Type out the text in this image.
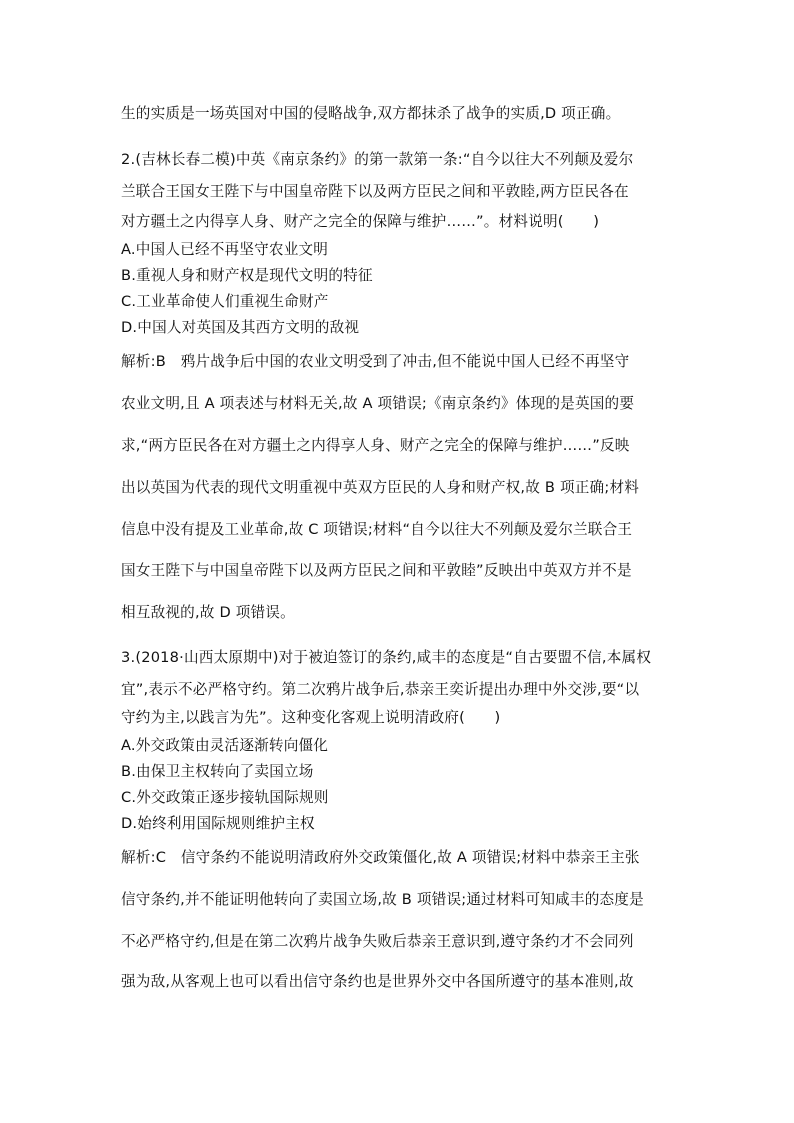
生的实质是一场英国对中国的侵略战争,双方都抹杀了战争的实质,D 项正确。
2.(吉林长春二模)中英《南京条约》的第一款第一条:“自今以往大不列颠及爱尔
兰联合王国女王陛下与中国皇帝陛下以及两方臣民之间和平敦睦,两方臣民各在
对方疆土之内得享人身、财产之完全的保障与维护……”。材料说明(　　)
A.中国人已经不再坚守农业文明
B.重视人身和财产权是现代文明的特征
C.工业革命使人们重视生命财产
D.中国人对英国及其西方文明的敌视
解析:B　鸦片战争后中国的农业文明受到了冲击,但不能说中国人已经不再坚守
农业文明,且 A 项表述与材料无关,故 A 项错误;《南京条约》体现的是英国的要
求,“两方臣民各在对方疆土之内得享人身、财产之完全的保障与维护……”反映
出以英国为代表的现代文明重视中英双方臣民的人身和财产权,故 B 项正确;材料
信息中没有提及工业革命,故 C 项错误;材料“自今以往大不列颠及爱尔兰联合王
国女王陛下与中国皇帝陛下以及两方臣民之间和平敦睦”反映出中英双方并不是
相互敌视的,故 D 项错误。
3.(2018·山西太原期中)对于被迫签订的条约,咸丰的态度是“自古要盟不信,本属权
宜”,表示不必严格守约。第二次鸦片战争后,恭亲王奕䜣提出办理中外交涉,要“以
守约为主,以践言为先”。这种变化客观上说明清政府(　　)
A.外交政策由灵活逐渐转向僵化
B.由保卫主权转向了卖国立场
C.外交政策正逐步接轨国际规则
D.始终利用国际规则维护主权
解析:C　信守条约不能说明清政府外交政策僵化,故 A 项错误;材料中恭亲王主张
信守条约,并不能证明他转向了卖国立场,故 B 项错误;通过材料可知咸丰的态度是
不必严格守约,但是在第二次鸦片战争失败后恭亲王意识到,遵守条约才不会同列
强为敌,从客观上也可以看出信守条约也是世界外交中各国所遵守的基本准则,故
